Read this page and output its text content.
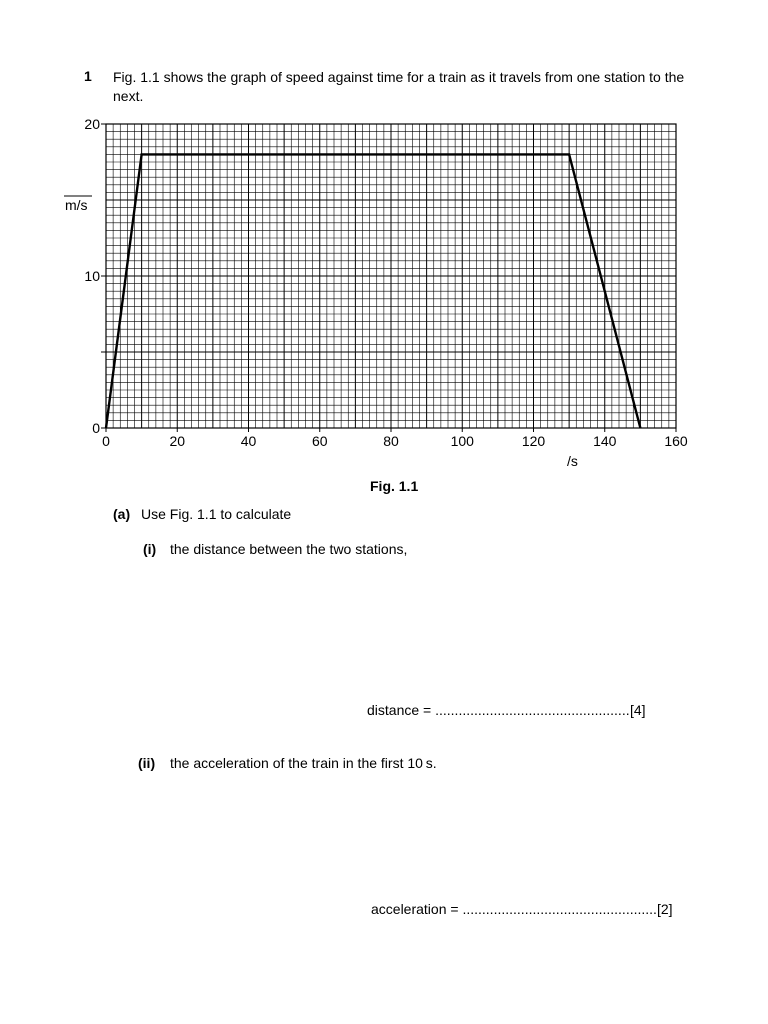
1 Fig. 1.1 shows the graph of speed against time for a train as it travels from one station to the next.
0	20	40	60	80	100	120	140	160
0
10
20
m/s
/s
Fig. 1.1
(a) Use Fig. 1.1 to calculate
(i) the distance between the two stations,
distance = .................................................. [4]
(ii) the acceleration of the train in the first 10 s.
acceleration = .................................................. [2]
